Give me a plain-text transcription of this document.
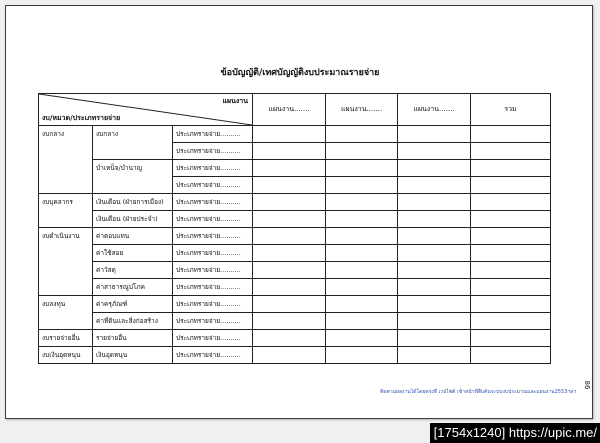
ข้อบัญญัติ/เทศบัญญัติงบประมาณรายจ่าย
แผนงาน
งบ/หมวด/ประเภทรายจ่าย			แผนงาน.......	แผนงาน.......	แผนงาน.......	รวม
งบกลาง	งบกลาง	ประเภทรายจ่าย..........				
		ประเภทรายจ่าย..........				
	บำเหน็จ/บำนาญ	ประเภทรายจ่าย..........				
		ประเภทรายจ่าย..........				
งบบุคลากร	เงินเดือน (ฝ่ายการเมือง)	ประเภทรายจ่าย..........				
	เงินเดือน (ฝ่ายประจำ)	ประเภทรายจ่าย..........				
งบดำเนินงาน	ค่าตอบแทน	ประเภทรายจ่าย..........				
	ค่าใช้สอย	ประเภทรายจ่าย..........				
	ค่าวัสดุ	ประเภทรายจ่าย..........				
	ค่าสาธารณูปโภค	ประเภทรายจ่าย..........				
งบลงทุน	ค่าครุภัณฑ์	ประเภทรายจ่าย..........				
	ค่าที่ดินและสิ่งก่อสร้าง	ประเภทรายจ่าย..........				
งบรายจ่ายอื่น	รายจ่ายอื่น	ประเภทรายจ่าย..........				
งบเงินอุดหนุน	เงินอุดหนุน	ประเภทรายจ่าย..........				
ติดตามผลงานได้โดยตรงที่ เวปไซต์ เข้าหน้าที่สืบค้นระบบงบประมาณและแผนงาน2553ฯลฯ
86
[1754x1240] https://upic.me/
